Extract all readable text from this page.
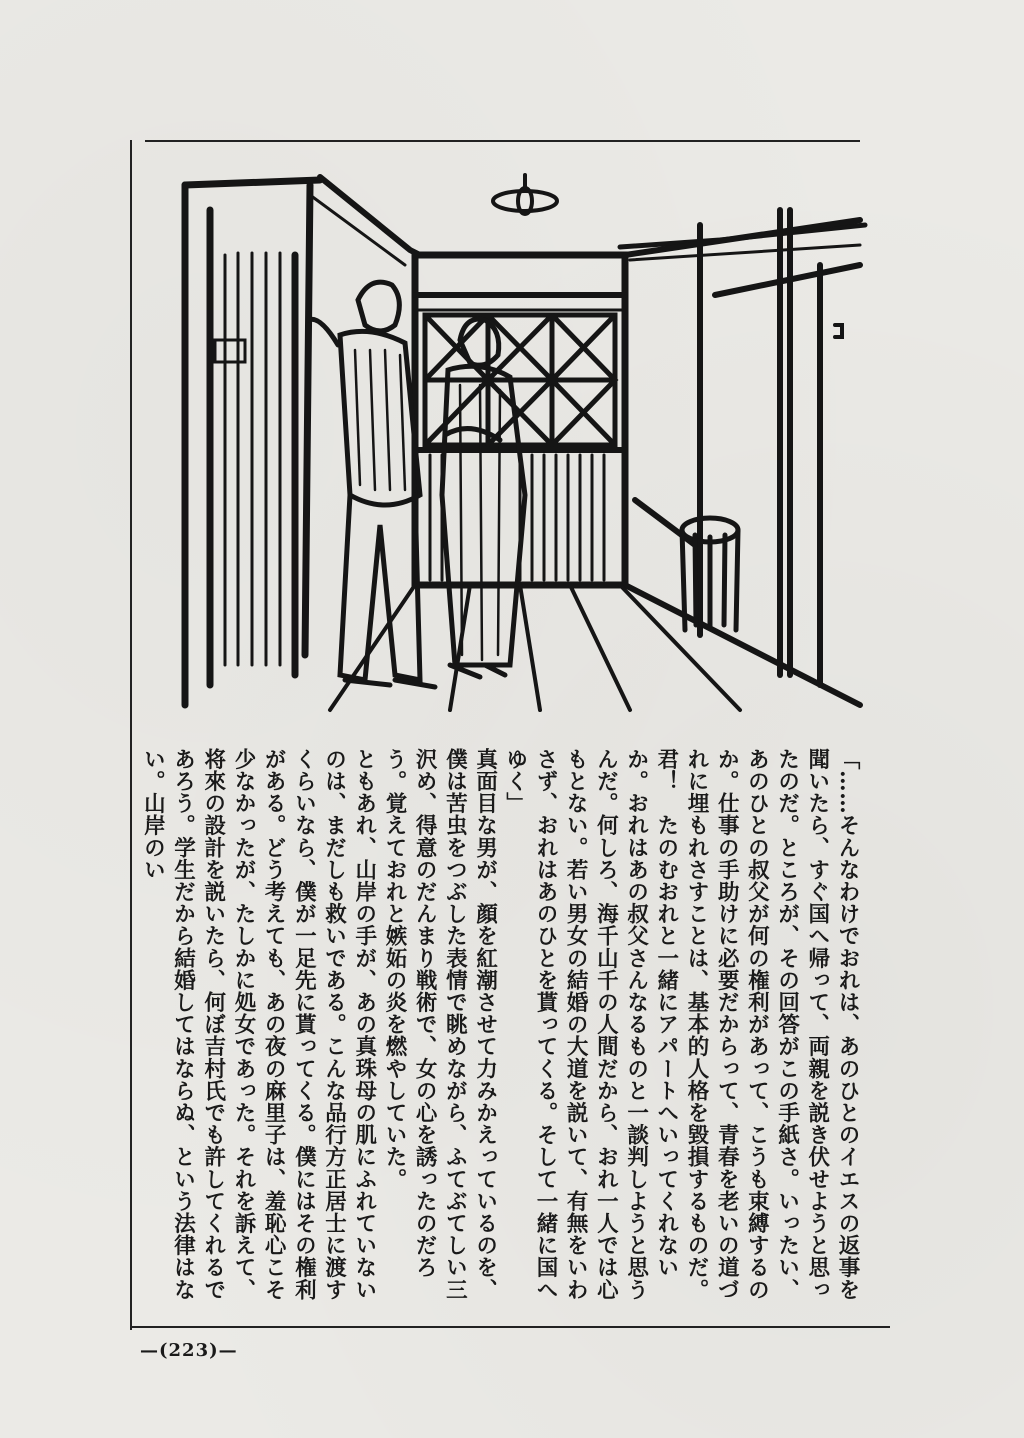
「……そんなわけでおれは、あのひとのイエスの返事を聞いたら、すぐ国へ帰って、両親を説き伏せようと思ったのだ。ところが、その回答がこの手紙さ。いったい、あのひとの叔父が何の権利があって、こうも束縛するのか。仕事の手助けに必要だからって、青春を老いの道づれに埋もれさすことは、基本的人格を毀損するものだ。君！　たのむおれと一緒にアパートへいってくれないか。おれはあの叔父さんなるものと一談判しようと思うんだ。何しろ、海千山千の人間だから、おれ一人では心もとない。若い男女の結婚の大道を説いて、有無をいわさず、おれはあのひとを貰ってくる。そして一緒に国へゆく」

真面目な男が、顔を紅潮させて力みかえっているのを、僕は苦虫をつぶした表情で眺めながら、ふてぶてしい三沢め、得意のだんまり戦術で、女の心を誘ったのだろう。覚えておれと嫉妬の炎を燃やしていた。

ともあれ、山岸の手が、あの真珠母の肌にふれていないのは、まだしも救いである。こんな品行方正居士に渡すくらいなら、僕が一足先に貰ってくる。僕にはその権利がある。どう考えても、あの夜の麻里子は、羞恥心こそ少なかったが、たしかに処女であった。それを訴えて、将來の設計を説いたら、何ぼ吉村氏でも許してくれるであろう。学生だから結婚してはならぬ、という法律はない。山岸のい

—(223)—
